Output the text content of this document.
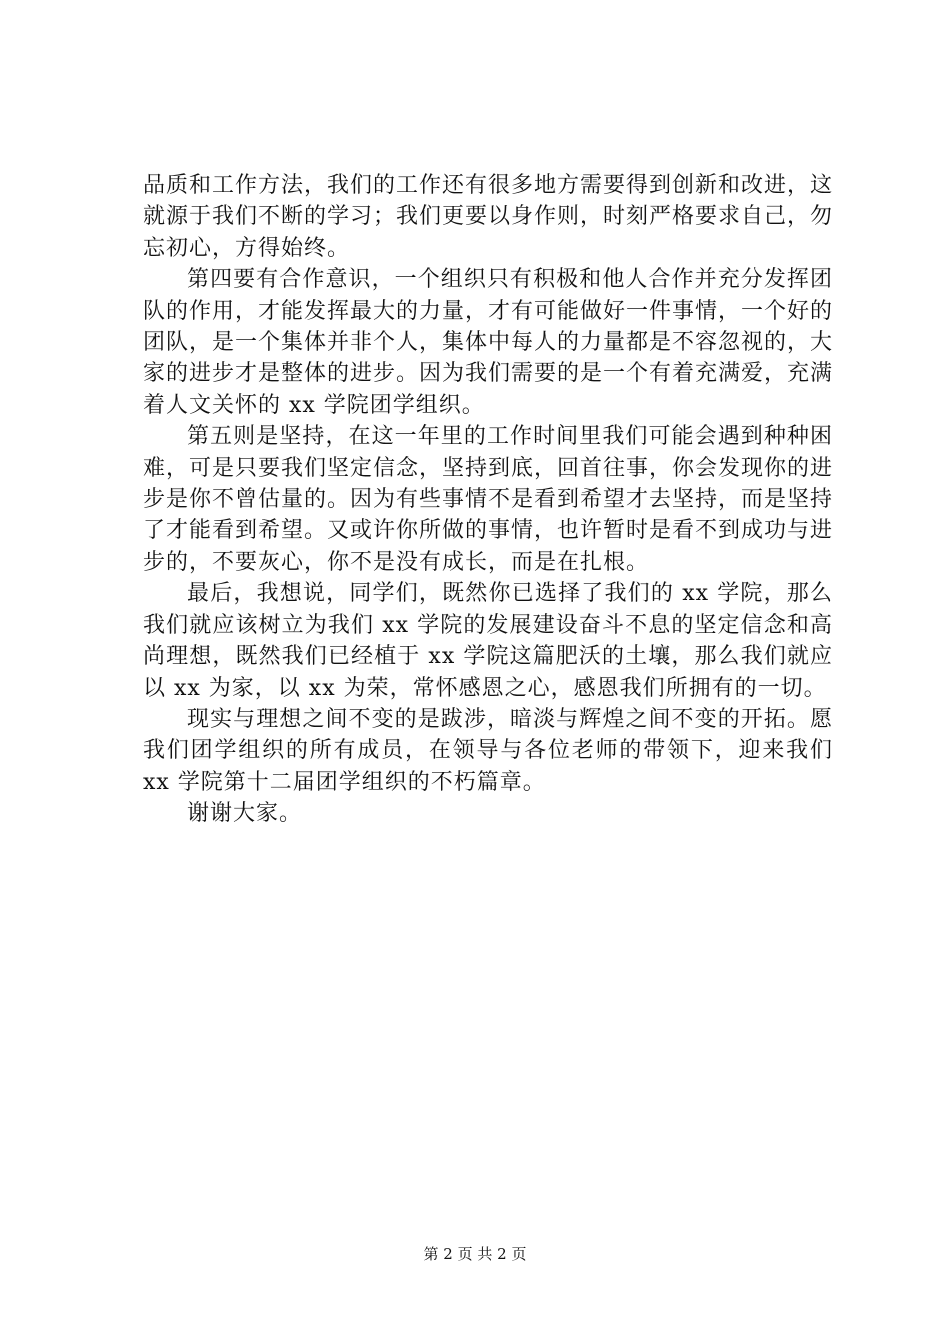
品质和工作方法，我们的工作还有很多地方需要得到创新和改进，这就源于我们不断的学习；我们更要以身作则，时刻严格要求自己，勿忘初心，方得始终。

第四要有合作意识，一个组织只有积极和他人合作并充分发挥团队的作用，才能发挥最大的力量，才有可能做好一件事情，一个好的团队，是一个集体并非个人，集体中每人的力量都是不容忽视的，大家的进步才是整体的进步。因为我们需要的是一个有着充满爱，充满着人文关怀的 xx 学院团学组织。

第五则是坚持，在这一年里的工作时间里我们可能会遇到种种困难，可是只要我们坚定信念，坚持到底，回首往事，你会发现你的进步是你不曾估量的。因为有些事情不是看到希望才去坚持，而是坚持了才能看到希望。又或许你所做的事情，也许暂时是看不到成功与进步的，不要灰心，你不是没有成长，而是在扎根。

最后，我想说，同学们，既然你已选择了我们的 xx 学院，那么我们就应该树立为我们 xx 学院的发展建设奋斗不息的坚定信念和高尚理想，既然我们已经植于 xx 学院这篇肥沃的土壤，那么我们就应以 xx 为家，以 xx 为荣，常怀感恩之心，感恩我们所拥有的一切。

现实与理想之间不变的是跋涉，暗淡与辉煌之间不变的开拓。愿我们团学组织的所有成员，在领导与各位老师的带领下，迎来我们 xx 学院第十二届团学组织的不朽篇章。

谢谢大家。

第 2 页 共 2 页
